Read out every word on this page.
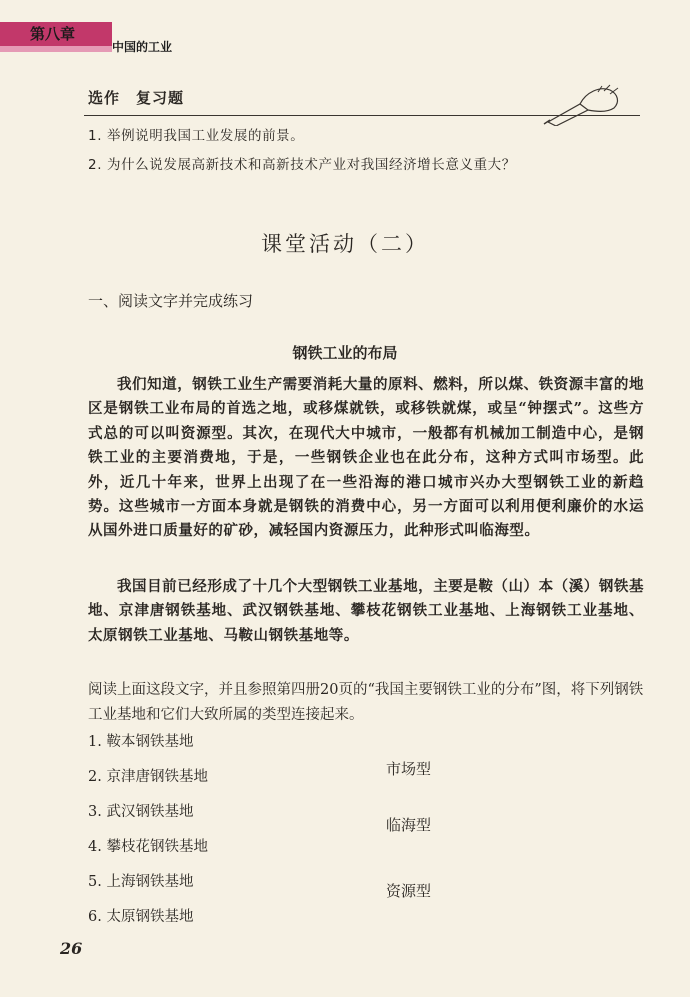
第八章
中国的工业
选作　复习题
1. 举例说明我国工业发展的前景。
2. 为什么说发展高新技术和高新技术产业对我国经济增长意义重大？
课堂活动（二）
一、阅读文字并完成练习
钢铁工业的布局

我们知道，钢铁工业生产需要消耗大量的原料、燃料，所以煤、铁资源丰富的地区是钢铁工业布局的首选之地，或移煤就铁，或移铁就煤，或呈“钟摆式”。这些方式总的可以叫资源型。其次，在现代大中城市，一般都有机械加工制造中心，是钢铁工业的主要消费地，于是，一些钢铁企业也在此分布，这种方式叫市场型。此外，近几十年来，世界上出现了在一些沿海的港口城市兴办大型钢铁工业的新趋势。这些城市一方面本身就是钢铁的消费中心，另一方面可以利用便利廉价的水运从国外进口质量好的矿砂，减轻国内资源压力，此种形式叫临海型。

我国目前已经形成了十几个大型钢铁工业基地，主要是鞍（山）本（溪）钢铁基地、京津唐钢铁基地、武汉钢铁基地、攀枝花钢铁工业基地、上海钢铁工业基地、太原钢铁工业基地、马鞍山钢铁基地等。

阅读上面这段文字，并且参照第四册20页的“我国主要钢铁工业的分布”图，将下列钢铁工业基地和它们大致所属的类型连接起来。

1. 鞍本钢铁基地
2. 京津唐钢铁基地
3. 武汉钢铁基地
4. 攀枝花钢铁基地
5. 上海钢铁基地
6. 太原钢铁基地
市场型
临海型
资源型
26
